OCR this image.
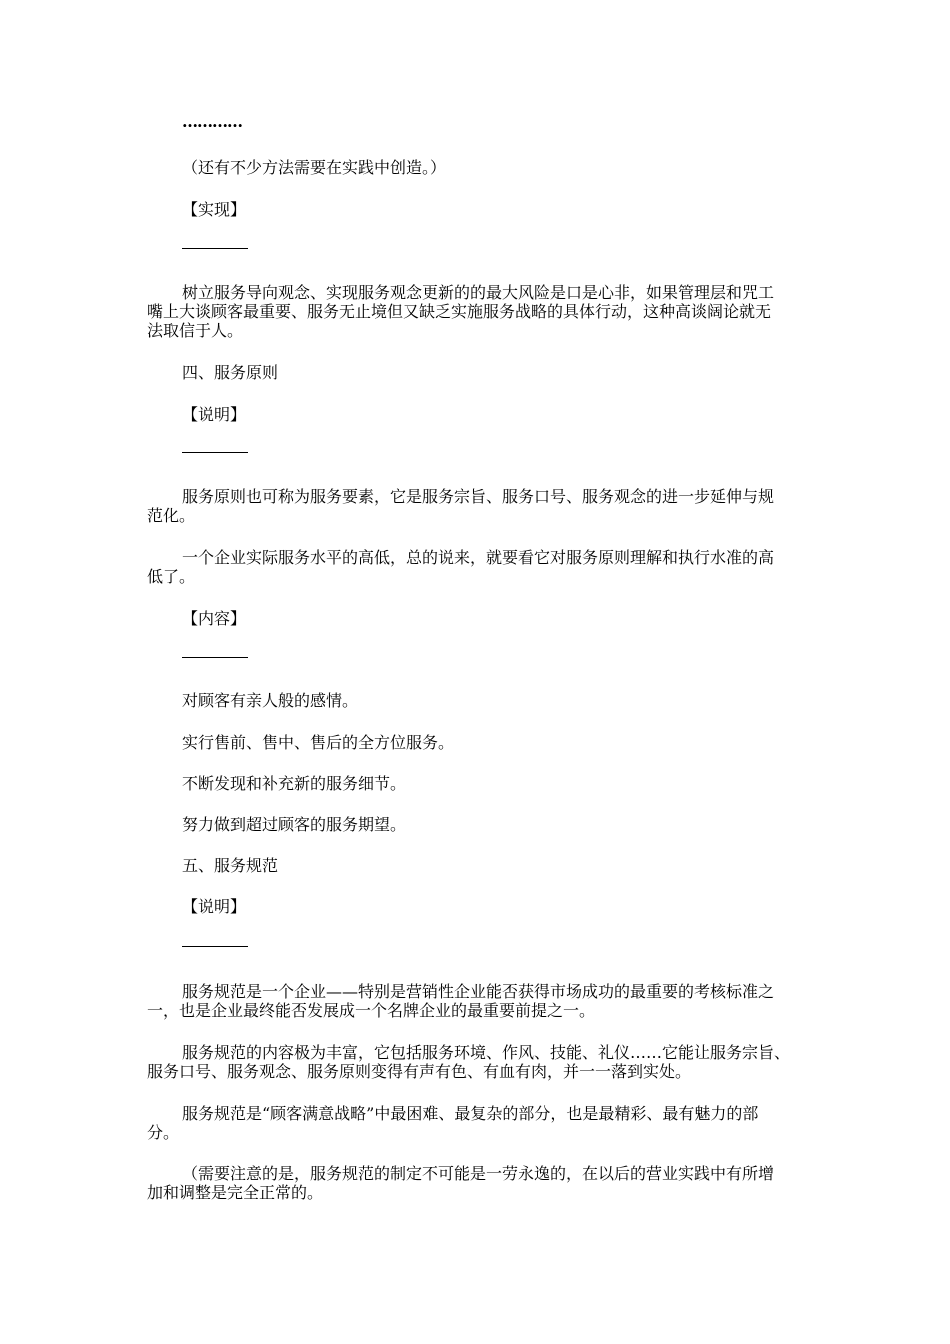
…………
（还有不少方法需要在实践中创造。）
【实现】
树立服务导向观念、实现服务观念更新的的最大风险是口是心非，如果管理层和咒工
嘴上大谈顾客最重要、服务无止境但又缺乏实施服务战略的具体行动，这种高谈阔论就无
法取信于人。
四、服务原则
【说明】
服务原则也可称为服务要素，它是服务宗旨、服务口号、服务观念的进一步延伸与规
范化。
一个企业实际服务水平的高低，总的说来，就要看它对服务原则理解和执行水准的高
低了。
【内容】
对顾客有亲人般的感情。
实行售前、售中、售后的全方位服务。
不断发现和补充新的服务细节。
努力做到超过顾客的服务期望。
五、服务规范
【说明】
服务规范是一个企业——特别是营销性企业能否获得市场成功的最重要的考核标准之
一，也是企业最终能否发展成一个名牌企业的最重要前提之一。
服务规范的内容极为丰富，它包括服务环境、作风、技能、礼仪……它能让服务宗旨、
服务口号、服务观念、服务原则变得有声有色、有血有肉，并一一落到实处。
服务规范是“顾客满意战略”中最困难、最复杂的部分，也是最精彩、最有魅力的部
分。
（需要注意的是，服务规范的制定不可能是一劳永逸的，在以后的营业实践中有所增
加和调整是完全正常的。
